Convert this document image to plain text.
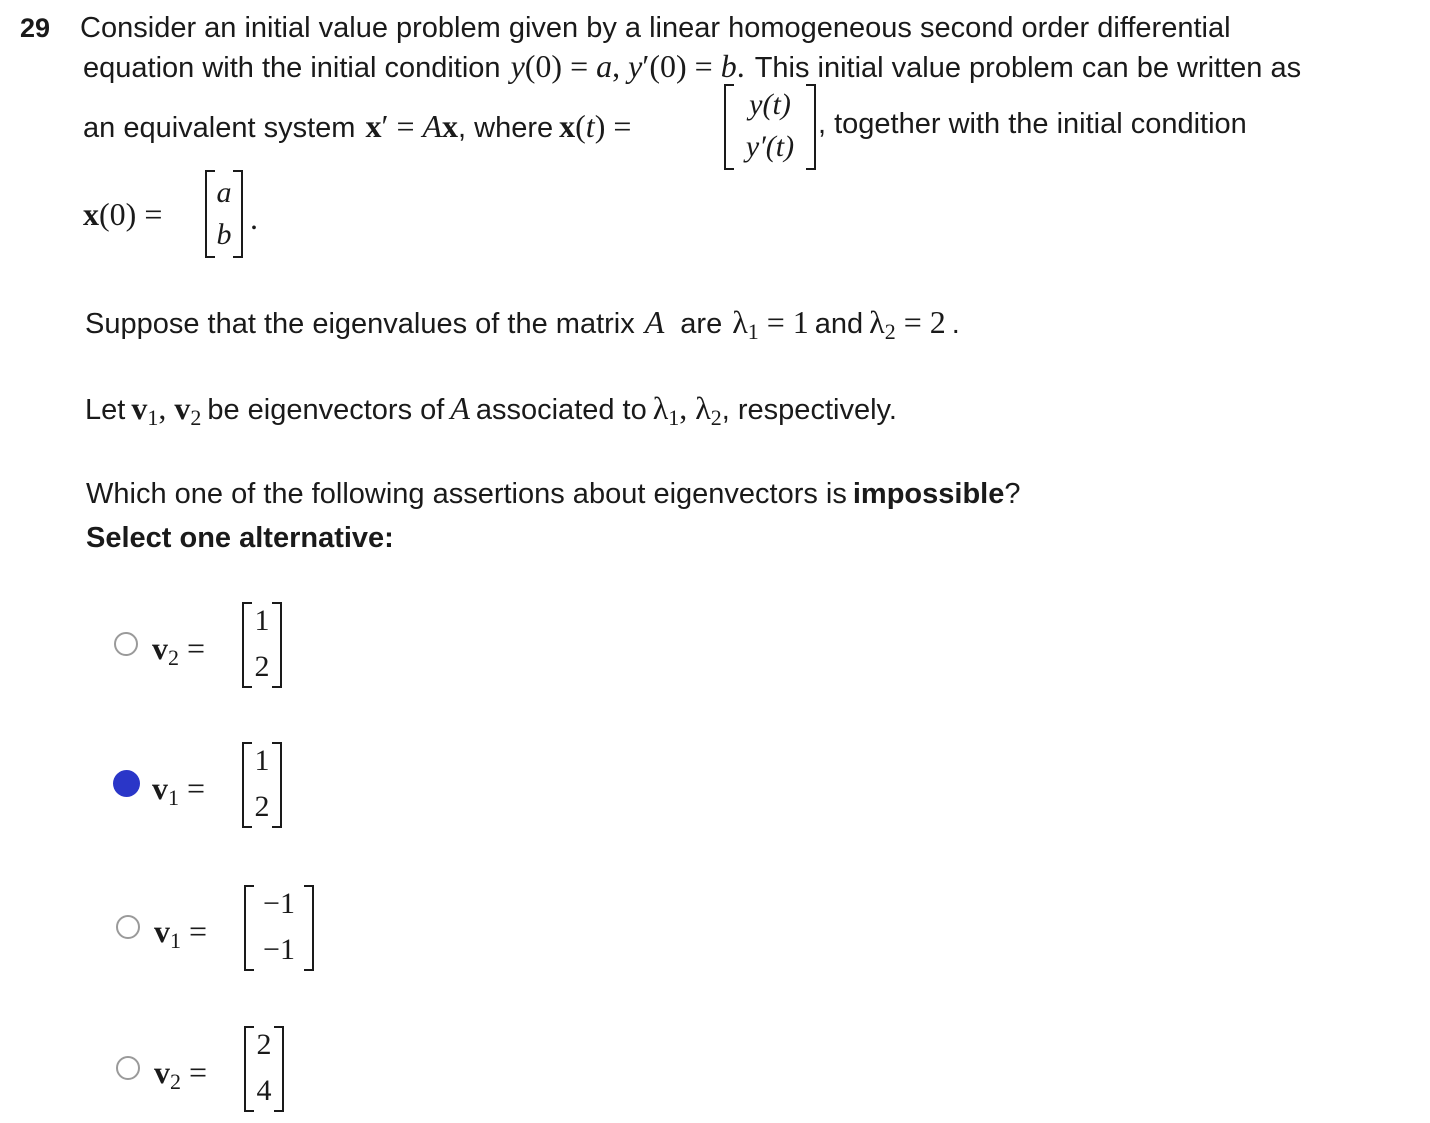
29 Consider an initial value problem given by a linear homogeneous second order differential
equation with the initial condition y(0) = a, y′(0) = b. This initial value problem can be written as
an equivalent system x′ = Ax , where x(t) =
y(t)
y′(t)
, together with the initial condition
x(0) =
a
b .
Suppose that the eigenvalues of the matrix A are $\lambda_1 = 1$ and $\lambda_2 = 2$ .
Let $v_1$, $v_2$ be eigenvectors of A associated to $\lambda_1$, $\lambda_2$ , respectively.
Which one of the following assertions about eigenvectors is impossible ?
Select one alternative:
$v_2$ =
1
2
$v_1$ =
1
2
$v_1$ =
−1
−1
$v_2$ =
2
4
